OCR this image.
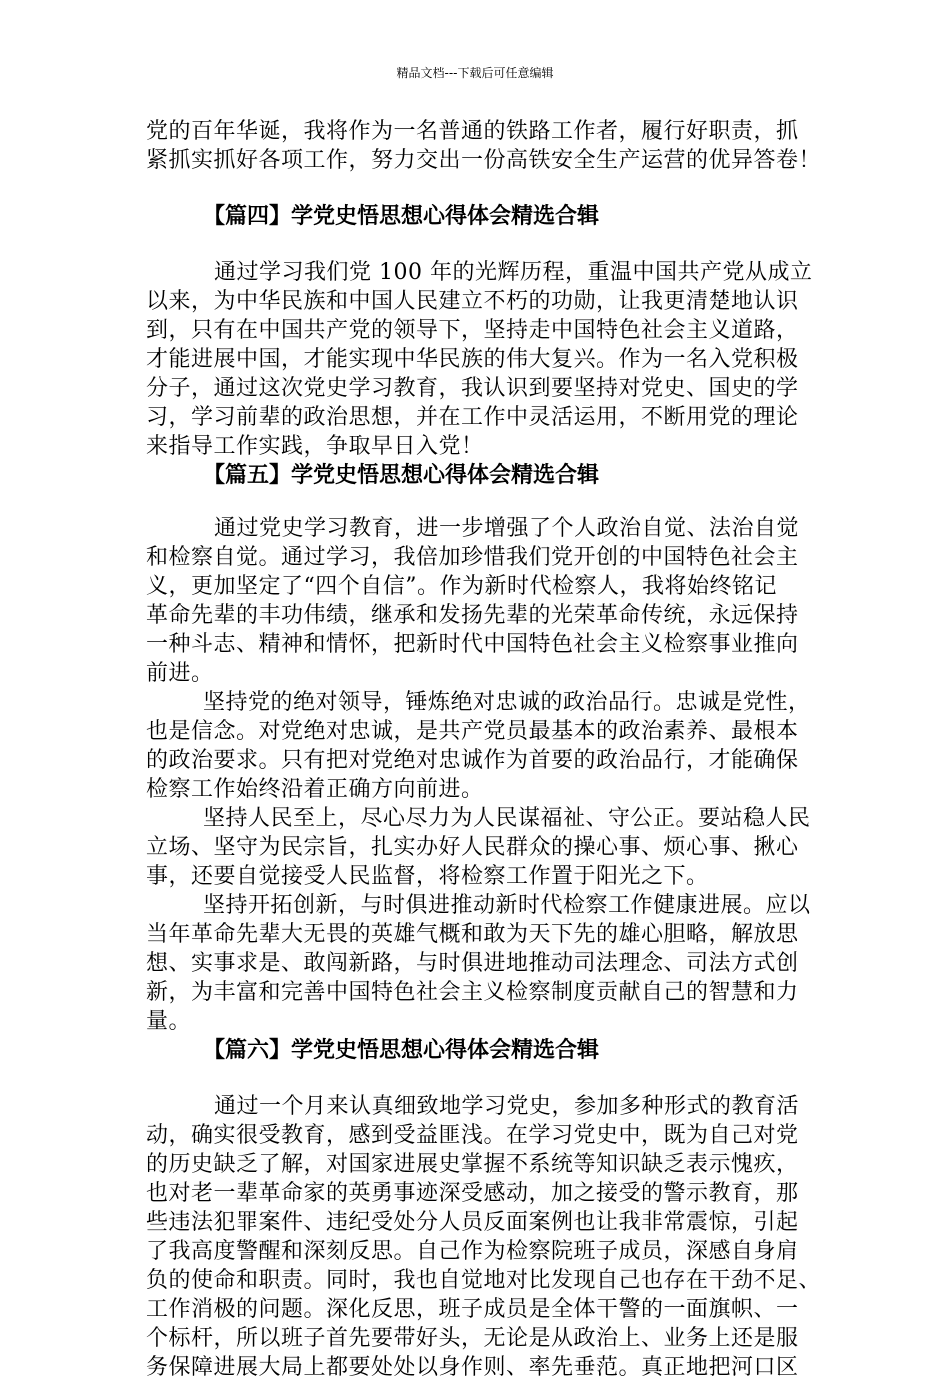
精品文档---下载后可任意编辑
党的百年华诞，我将作为一名普通的铁路工作者，履行好职责，抓
紧抓实抓好各项工作，努力交出一份高铁安全生产运营的优异答卷！
【篇四】学党史悟思想心得体会精选合辑
通过学习我们党 100 年的光辉历程，重温中国共产党从成立
以来，为中华民族和中国人民建立不朽的功勋，让我更清楚地认识
到，只有在中国共产党的领导下，坚持走中国特色社会主义道路，
才能进展中国，才能实现中华民族的伟大复兴。作为一名入党积极
分子，通过这次党史学习教育，我认识到要坚持对党史、国史的学
习，学习前辈的政治思想，并在工作中灵活运用，不断用党的理论
来指导工作实践，争取早日入党！
【篇五】学党史悟思想心得体会精选合辑
通过党史学习教育，进一步增强了个人政治自觉、法治自觉
和检察自觉。通过学习，我倍加珍惜我们党开创的中国特色社会主
义，更加坚定了“四个自信”。作为新时代检察人，我将始终铭记
革命先辈的丰功伟绩，继承和发扬先辈的光荣革命传统，永远保持
一种斗志、精神和情怀，把新时代中国特色社会主义检察事业推向
前进。
坚持党的绝对领导，锤炼绝对忠诚的政治品行。忠诚是党性，
也是信念。对党绝对忠诚，是共产党员最基本的政治素养、最根本
的政治要求。只有把对党绝对忠诚作为首要的政治品行，才能确保
检察工作始终沿着正确方向前进。
坚持人民至上，尽心尽力为人民谋福祉、守公正。要站稳人民
立场、坚守为民宗旨，扎实办好人民群众的操心事、烦心事、揪心
事，还要自觉接受人民监督，将检察工作置于阳光之下。
坚持开拓创新，与时俱进推动新时代检察工作健康进展。应以
当年革命先辈大无畏的英雄气概和敢为天下先的雄心胆略，解放思
想、实事求是、敢闯新路，与时俱进地推动司法理念、司法方式创
新，为丰富和完善中国特色社会主义检察制度贡献自己的智慧和力
量。
【篇六】学党史悟思想心得体会精选合辑
通过一个月来认真细致地学习党史，参加多种形式的教育活
动，确实很受教育，感到受益匪浅。在学习党史中，既为自己对党
的历史缺乏了解，对国家进展史掌握不系统等知识缺乏表示愧疚，
也对老一辈革命家的英勇事迹深受感动，加之接受的警示教育，那
些违法犯罪案件、违纪受处分人员反面案例也让我非常震惊，引起
了我高度警醒和深刻反思。自己作为检察院班子成员，深感自身肩
负的使命和职责。同时，我也自觉地对比发现自己也存在干劲不足、
工作消极的问题。深化反思，班子成员是全体干警的一面旗帜、一
个标杆，所以班子首先要带好头，无论是从政治上、业务上还是服
务保障进展大局上都要处处以身作则、率先垂范。真正地把河口区
